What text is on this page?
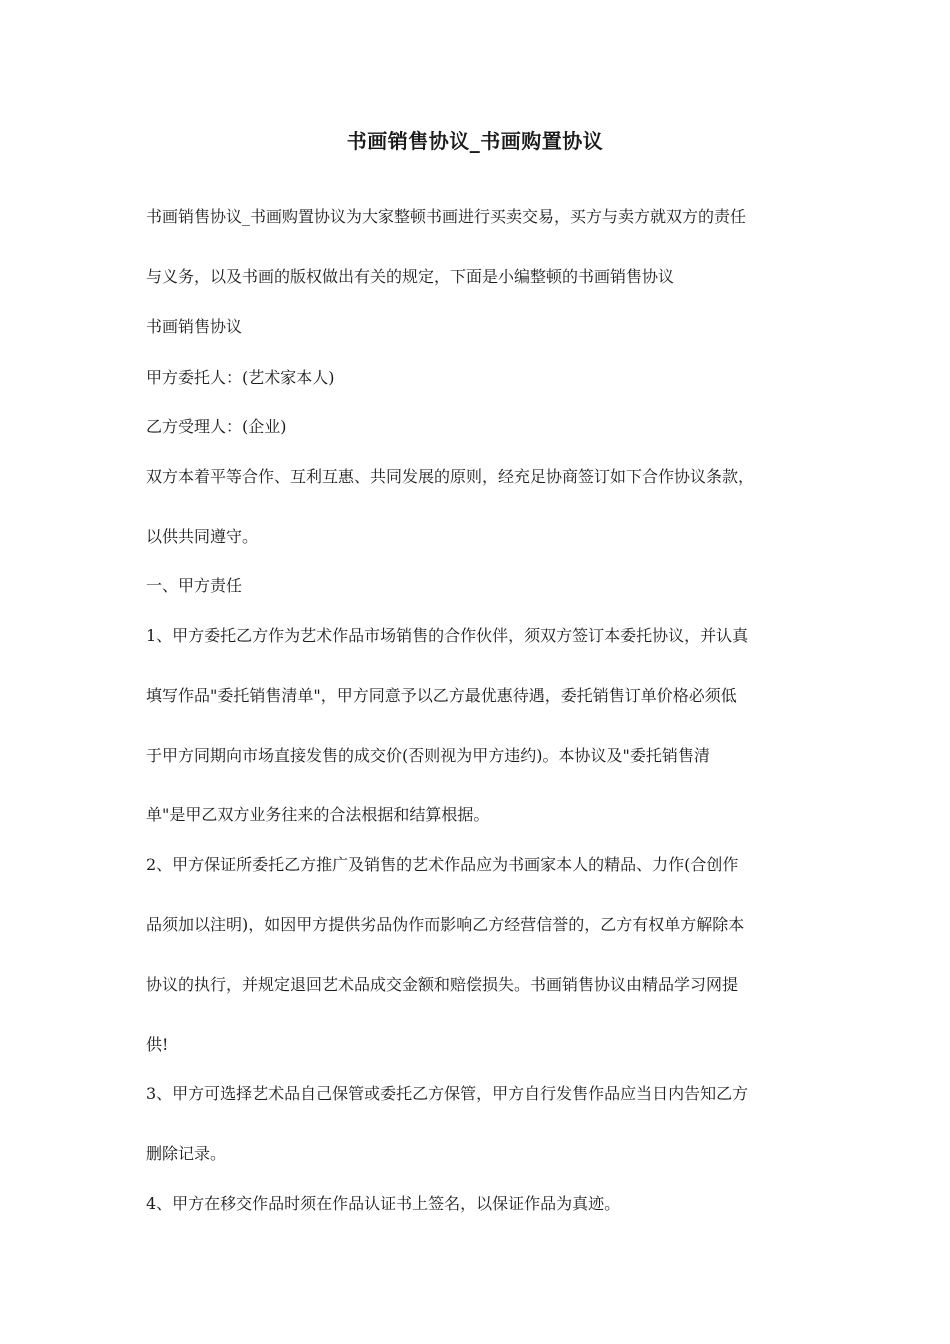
书画销售协议_书画购置协议

书画销售协议_书画购置协议为大家整顿书画进行买卖交易，买方与卖方就双方的责任

与义务，以及书画的版权做出有关的规定，下面是小编整顿的书画销售协议

书画销售协议

甲方委托人：(艺术家本人)

乙方受理人：(企业)

双方本着平等合作、互利互惠、共同发展的原则，经充足协商签订如下合作协议条款，

以供共同遵守。

一、甲方责任

1、甲方委托乙方作为艺术作品市场销售的合作伙伴，须双方签订本委托协议，并认真

填写作品"委托销售清单"，甲方同意予以乙方最优惠待遇，委托销售订单价格必须低

于甲方同期向市场直接发售的成交价(否则视为甲方违约)。本协议及"委托销售清

单"是甲乙双方业务往来的合法根据和结算根据。

2、甲方保证所委托乙方推广及销售的艺术作品应为书画家本人的精品、力作(合创作

品须加以注明)，如因甲方提供劣品伪作而影响乙方经营信誉的，乙方有权单方解除本

协议的执行，并规定退回艺术品成交金额和赔偿损失。书画销售协议由精品学习网提

供!

3、甲方可选择艺术品自己保管或委托乙方保管，甲方自行发售作品应当日内告知乙方

删除记录。

4、甲方在移交作品时须在作品认证书上签名，以保证作品为真迹。
